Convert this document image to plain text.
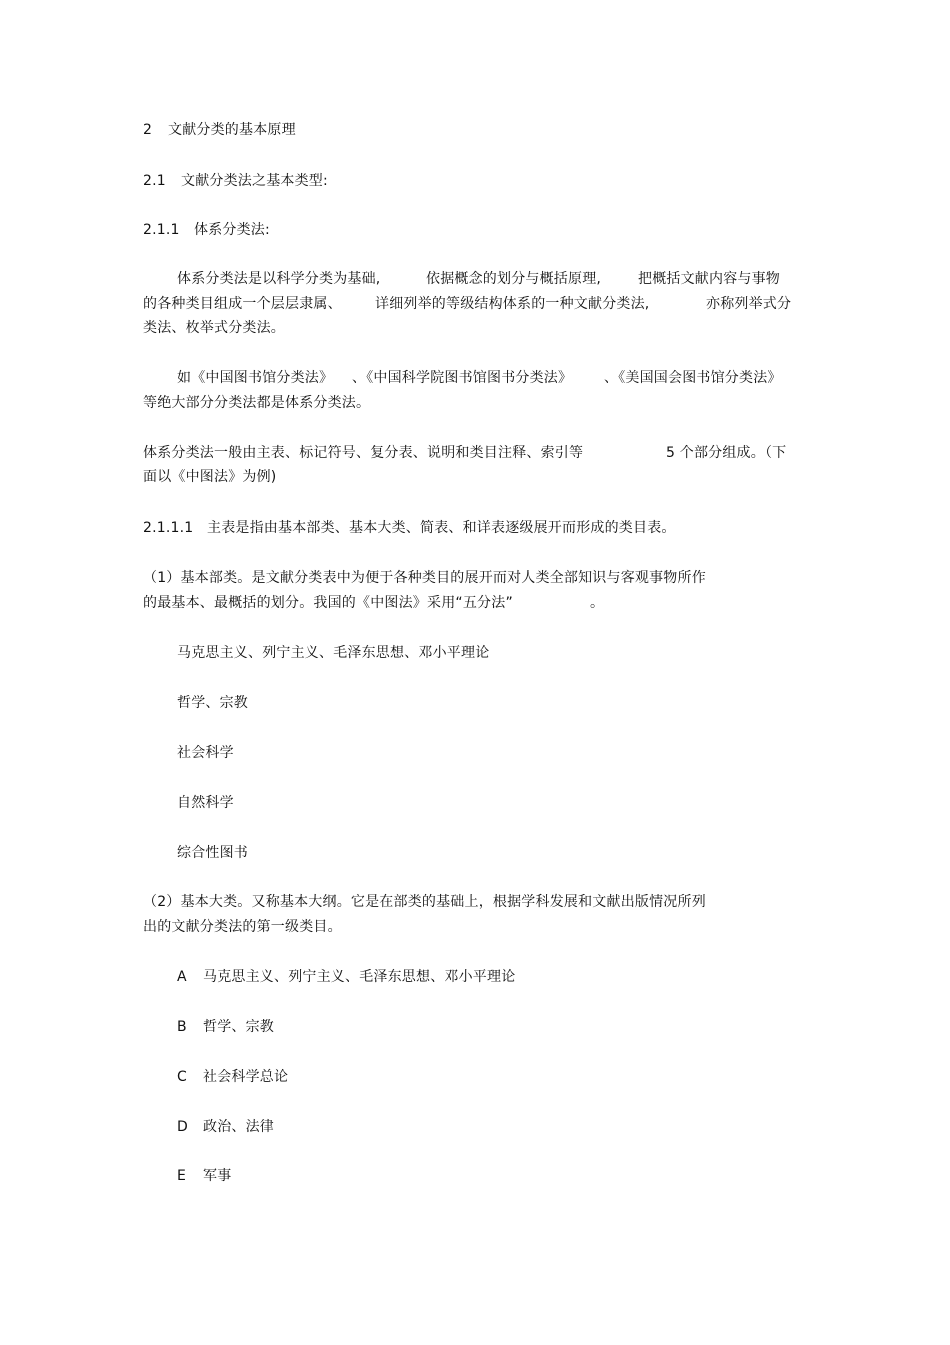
2 文献分类的基本原理
2.1 文献分类法之基本类型:
2.1.1 体系分类法:
体系分类法是以科学分类为基础,	依据概念的划分与概括原理,	把概括文献内容与事物
的各种类目组成一个层层隶属、 详细列举的等级结构体系的一种文献分类法,	亦称列举式分
类法、枚举式分类法。
如《中国图书馆分类法》 、《中国科学院图书馆图书分类法》 、《美国国会图书馆分类法》
等绝大部分分类法都是体系分类法。
体系分类法一般由主表、标记符号、复分表、说明和类目注释、索引等	5 个部分组成。（下
面以《中图法》为例)
2.1.1.1 主表是指由基本部类、基本大类、简表、和详表逐级展开而形成的类目表。
（1）基本部类。是文献分类表中为便于各种类目的展开而对人类全部知识与客观事物所作
的最基本、最概括的划分。我国的《中图法》采用“五分法”	。
马克思主义、列宁主义、毛泽东思想、邓小平理论
哲学、宗教
社会科学
自然科学
综合性图书
（2）基本大类。又称基本大纲。它是在部类的基础上，根据学科发展和文献出版情况所列
出的文献分类法的第一级类目。
A 马克思主义、列宁主义、毛泽东思想、邓小平理论
B 哲学、宗教
C 社会科学总论
D 政治、法律
E 军事
